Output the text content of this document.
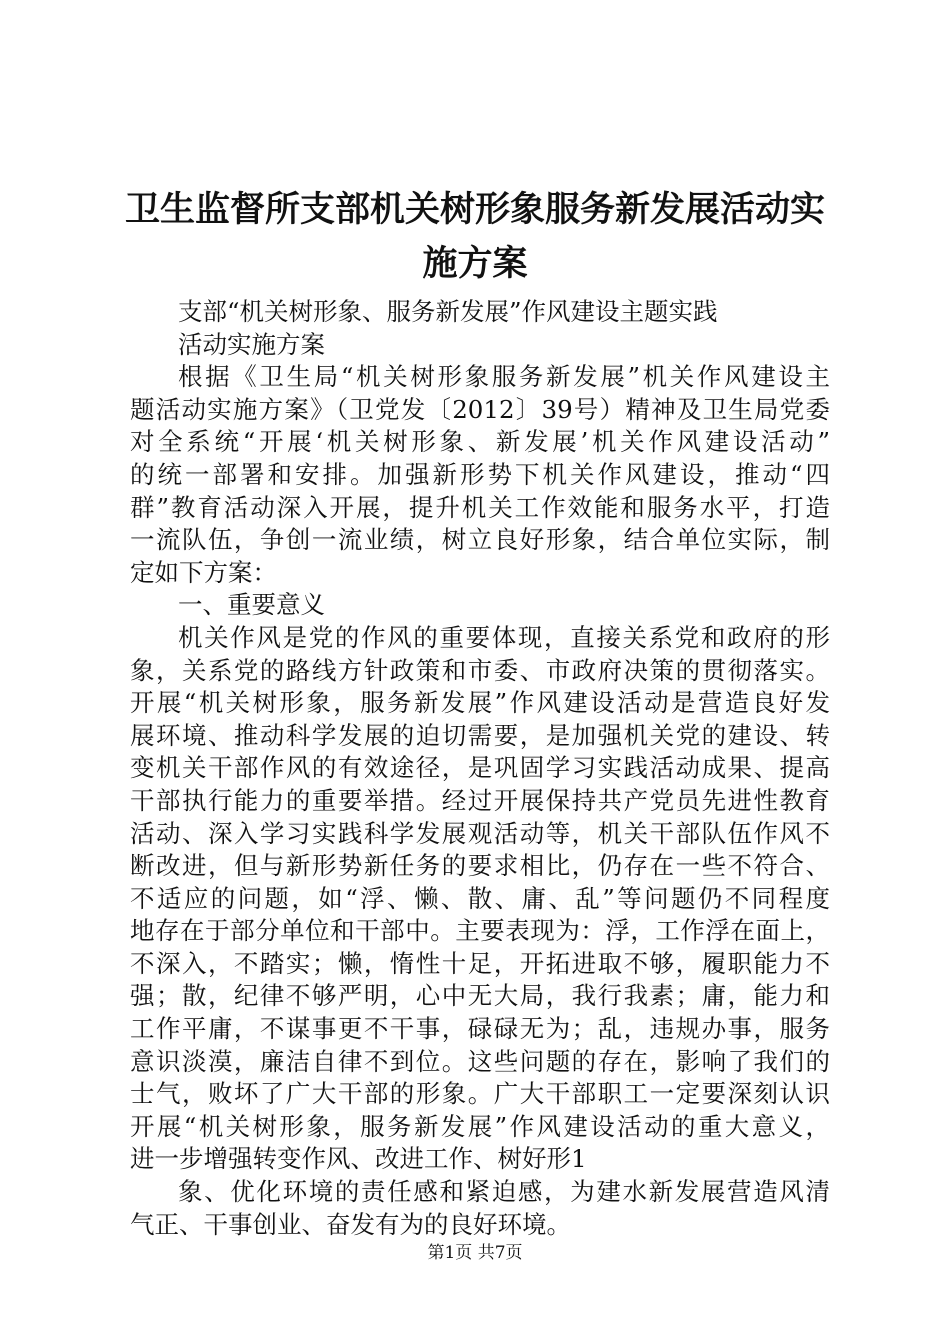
卫生监督所支部机关树形象服务新发展活动实
施方案
支部“机关树形象、服务新发展”作风建设主题实践
活动实施方案
根据《卫生局“机关树形象服务新发展”机关作风建设主
题活动实施方案》（卫党发〔2012〕39号）精神及卫生局党委
对全系统“开展‘机关树形象、新发展’机关作风建设活动”
的统一部署和安排。加强新形势下机关作风建设，推动“四
群”教育活动深入开展，提升机关工作效能和服务水平，打造
一流队伍，争创一流业绩，树立良好形象，结合单位实际，制
定如下方案：
一、重要意义
机关作风是党的作风的重要体现，直接关系党和政府的形
象，关系党的路线方针政策和市委、市政府决策的贯彻落实。
开展“机关树形象，服务新发展”作风建设活动是营造良好发
展环境、推动科学发展的迫切需要，是加强机关党的建设、转
变机关干部作风的有效途径，是巩固学习实践活动成果、提高
干部执行能力的重要举措。经过开展保持共产党员先进性教育
活动、深入学习实践科学发展观活动等，机关干部队伍作风不
断改进，但与新形势新任务的要求相比，仍存在一些不符合、
不适应的问题，如“浮、懒、散、庸、乱”等问题仍不同程度
地存在于部分单位和干部中。主要表现为：浮，工作浮在面上，
不深入，不踏实；懒，惰性十足，开拓进取不够，履职能力不
强；散，纪律不够严明，心中无大局，我行我素；庸，能力和
工作平庸，不谋事更不干事，碌碌无为；乱，违规办事，服务
意识淡漠，廉洁自律不到位。这些问题的存在，影响了我们的
士气，败坏了广大干部的形象。广大干部职工一定要深刻认识
开展“机关树形象，服务新发展”作风建设活动的重大意义，
进一步增强转变作风、改进工作、树好形1
象、优化环境的责任感和紧迫感，为建水新发展营造风清
气正、干事创业、奋发有为的良好环境。
第1页 共7页
